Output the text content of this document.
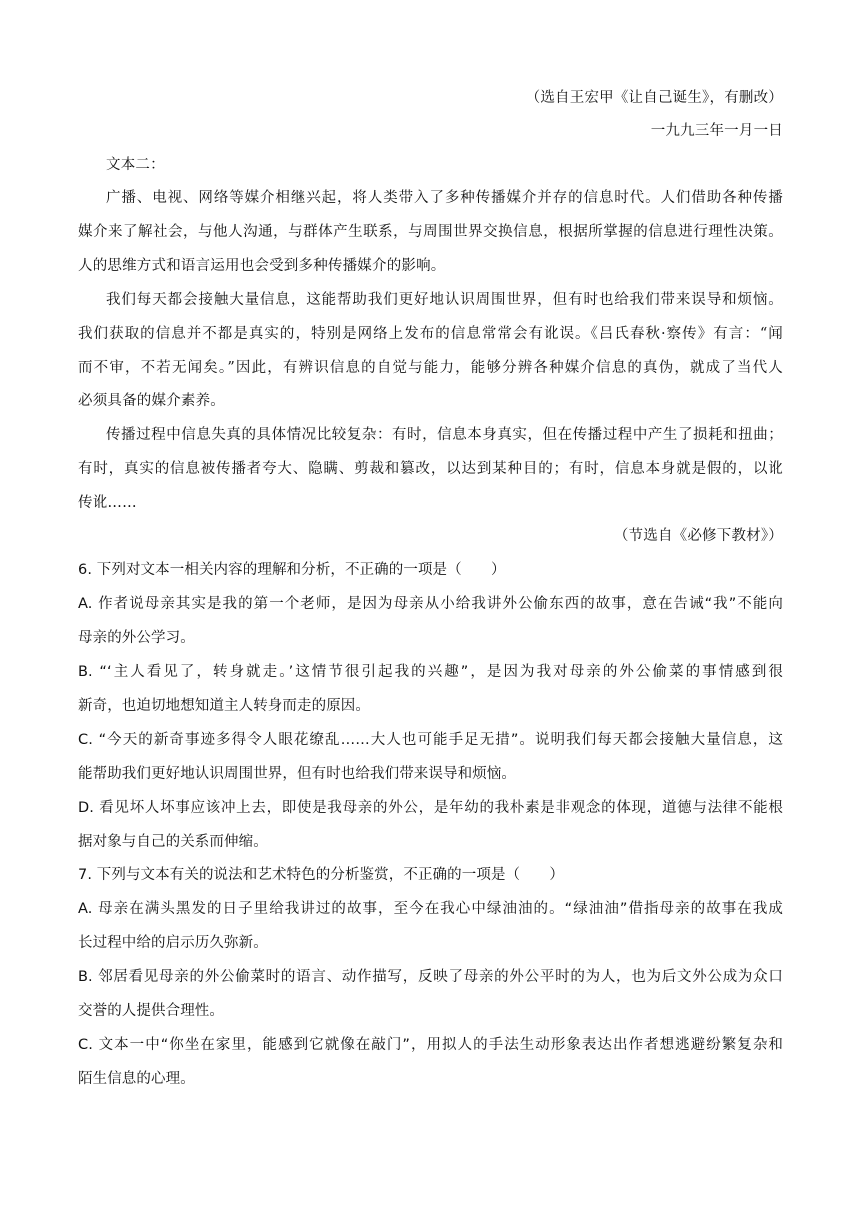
（选自王宏甲《让自己诞生》，有删改）
一九九三年一月一日
文本二：
广播、电视、网络等媒介相继兴起，将人类带入了多种传播媒介并存的信息时代。人们借助各种传播
媒介来了解社会，与他人沟通，与群体产生联系，与周围世界交换信息，根据所掌握的信息进行理性决策。
人的思维方式和语言运用也会受到多种传播媒介的影响。
我们每天都会接触大量信息，这能帮助我们更好地认识周围世界，但有时也给我们带来误导和烦恼。
我们获取的信息并不都是真实的，特别是网络上发布的信息常常会有讹误。《吕氏春秋·察传》有言：“闻
而不审，不若无闻矣。”因此，有辨识信息的自觉与能力，能够分辨各种媒介信息的真伪，就成了当代人
必须具备的媒介素养。
传播过程中信息失真的具体情况比较复杂：有时，信息本身真实，但在传播过程中产生了损耗和扭曲；
有时，真实的信息被传播者夸大、隐瞒、剪裁和篡改，以达到某种目的；有时，信息本身就是假的，以讹
传讹……
（节选自《必修下教材》）
6. 下列对文本一相关内容的理解和分析，不正确的一项是（　　）
A. 作者说母亲其实是我的第一个老师，是因为母亲从小给我讲外公偷东西的故事，意在告诫“我”不能向
母亲的外公学习。
B. “‘主人看见了，转身就走。’这情节很引起我的兴趣”，是因为我对母亲的外公偷菜的事情感到很
新奇，也迫切地想知道主人转身而走的原因。
C. “今天的新奇事迹多得令人眼花缭乱……大人也可能手足无措”。说明我们每天都会接触大量信息，这
能帮助我们更好地认识周围世界，但有时也给我们带来误导和烦恼。
D. 看见坏人坏事应该冲上去，即使是我母亲的外公，是年幼的我朴素是非观念的体现，道德与法律不能根
据对象与自己的关系而伸缩。
7. 下列与文本有关的说法和艺术特色的分析鉴赏，不正确的一项是（　　）
A. 母亲在满头黑发的日子里给我讲过的故事，至今在我心中绿油油的。“绿油油”借指母亲的故事在我成
长过程中给的启示历久弥新。
B. 邻居看见母亲的外公偷菜时的语言、动作描写，反映了母亲的外公平时的为人，也为后文外公成为众口
交誉的人提供合理性。
C. 文本一中“你坐在家里，能感到它就像在敲门”，用拟人的手法生动形象表达出作者想逃避纷繁复杂和
陌生信息的心理。
